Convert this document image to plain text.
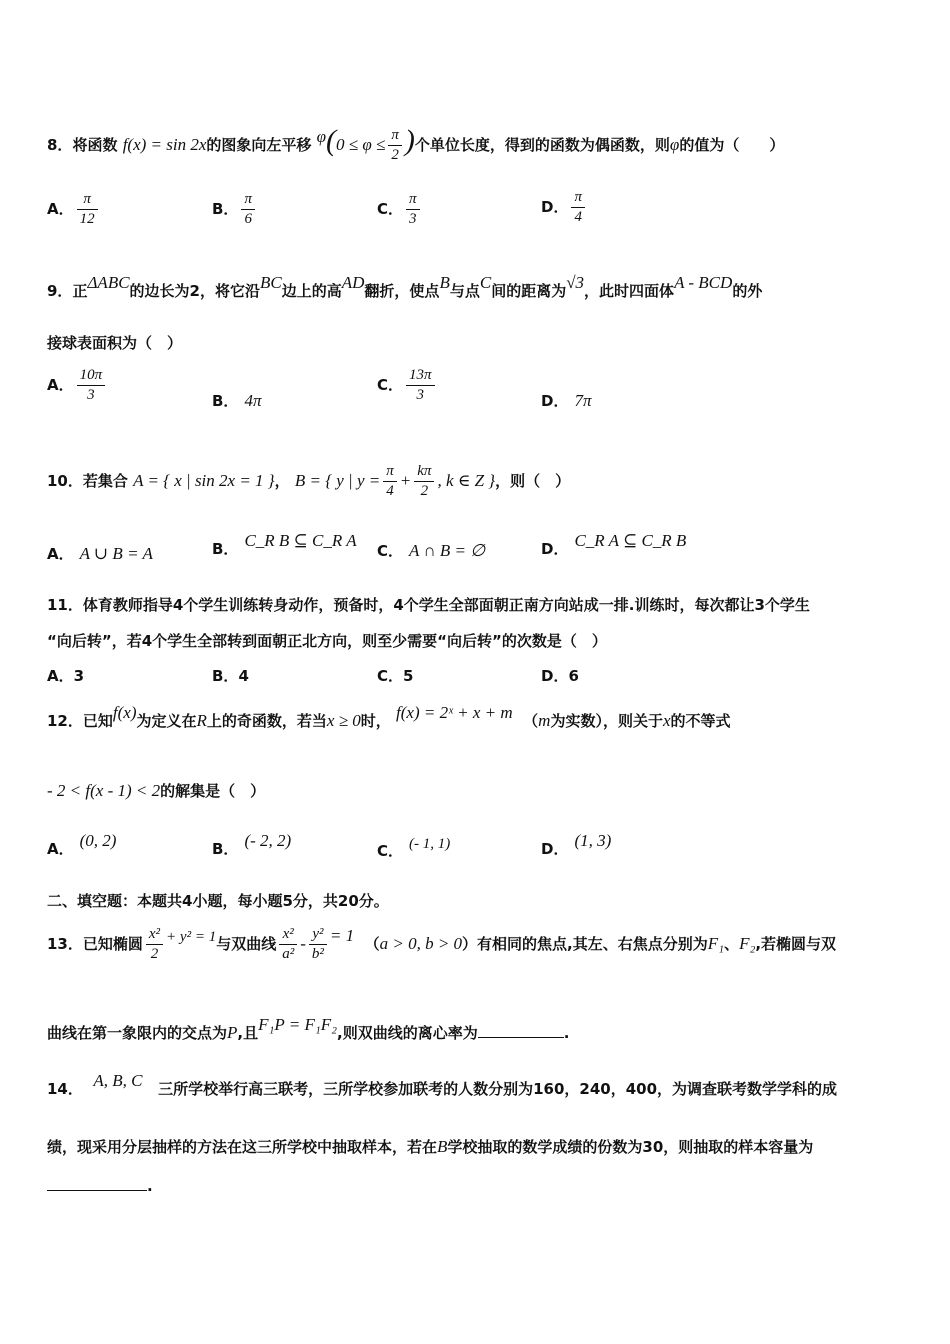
8．将函数 f(x) = sin 2x的图象向左平移 $\varphi(0 \le \varphi \le \frac{\pi}{2}$ )个单位长度，得到的函数为偶函数，则φ的值为（　　）
A． $\frac{\pi}{12}$	B． $\frac{\pi}{6}$	C． $\frac{\pi}{3}$	D． $\frac{\pi}{4}$
9．正ΔABC的边长为2，将它沿BC边上的高AD翻折，使点B与点C间的距离为√3，此时四面体A - BCD的外
接球表面积为（　）
A． $\frac{10\pi}{3}$	B． 4π
C． $\frac{13\pi}{3}$	D． 7π
10．若集合 A = { x | sin 2x = 1 }， B = { y | $y = \frac{\pi}{4} + \frac{k\pi}{2}$ , k ∈ Z }，则（　）
A． A ∪ B = A	B． C_R B ⊆ C_R A
C． A ∩ B = ∅	D． C_R A ⊆ C_R B
11．体育教师指导4个学生训练转身动作，预备时，4个学生全部面朝正南方向站成一排.训练时，每次都让3个学生
“向后转”，若4个学生全部转到面朝正北方向，则至少需要“向后转”的次数是（　）
A．3	B．4	C．5	D．6
12．已知f(x)为定义在R上的奇函数，若当x ≥ 0时， f(x) = 2ˣ + x + m （m为实数），则关于x的不等式
- 2 < f(x - 1) < 2的解集是（　）
A． (0, 2)	B． (- 2, 2)
C． (- 1, 1)	D． (1, 3)
二、填空题：本题共4小题，每小题5分，共20分。
13．已知椭圆 $\frac{\text{x²}}{2} + y^2 = 1$与双曲线 $\frac{\text{x²}}{\text{a²}} - \frac{\text{y²}}{\text{b²}} = 1$ （a > 0, b > 0）有相同的焦点,其左、右焦点分别为F₁、F₂,若椭圆与双
曲线在第一象限内的交点为P,且F₁P = F₁F₂,则双曲线的离心率为	.
14． A, B, C 三所学校举行高三联考，三所学校参加联考的人数分别为160，240，400，为调查联考数学学科的成
绩，现采用分层抽样的方法在这三所学校中抽取样本，若在B学校抽取的数学成绩的份数为30，则抽取的样本容量为
.
